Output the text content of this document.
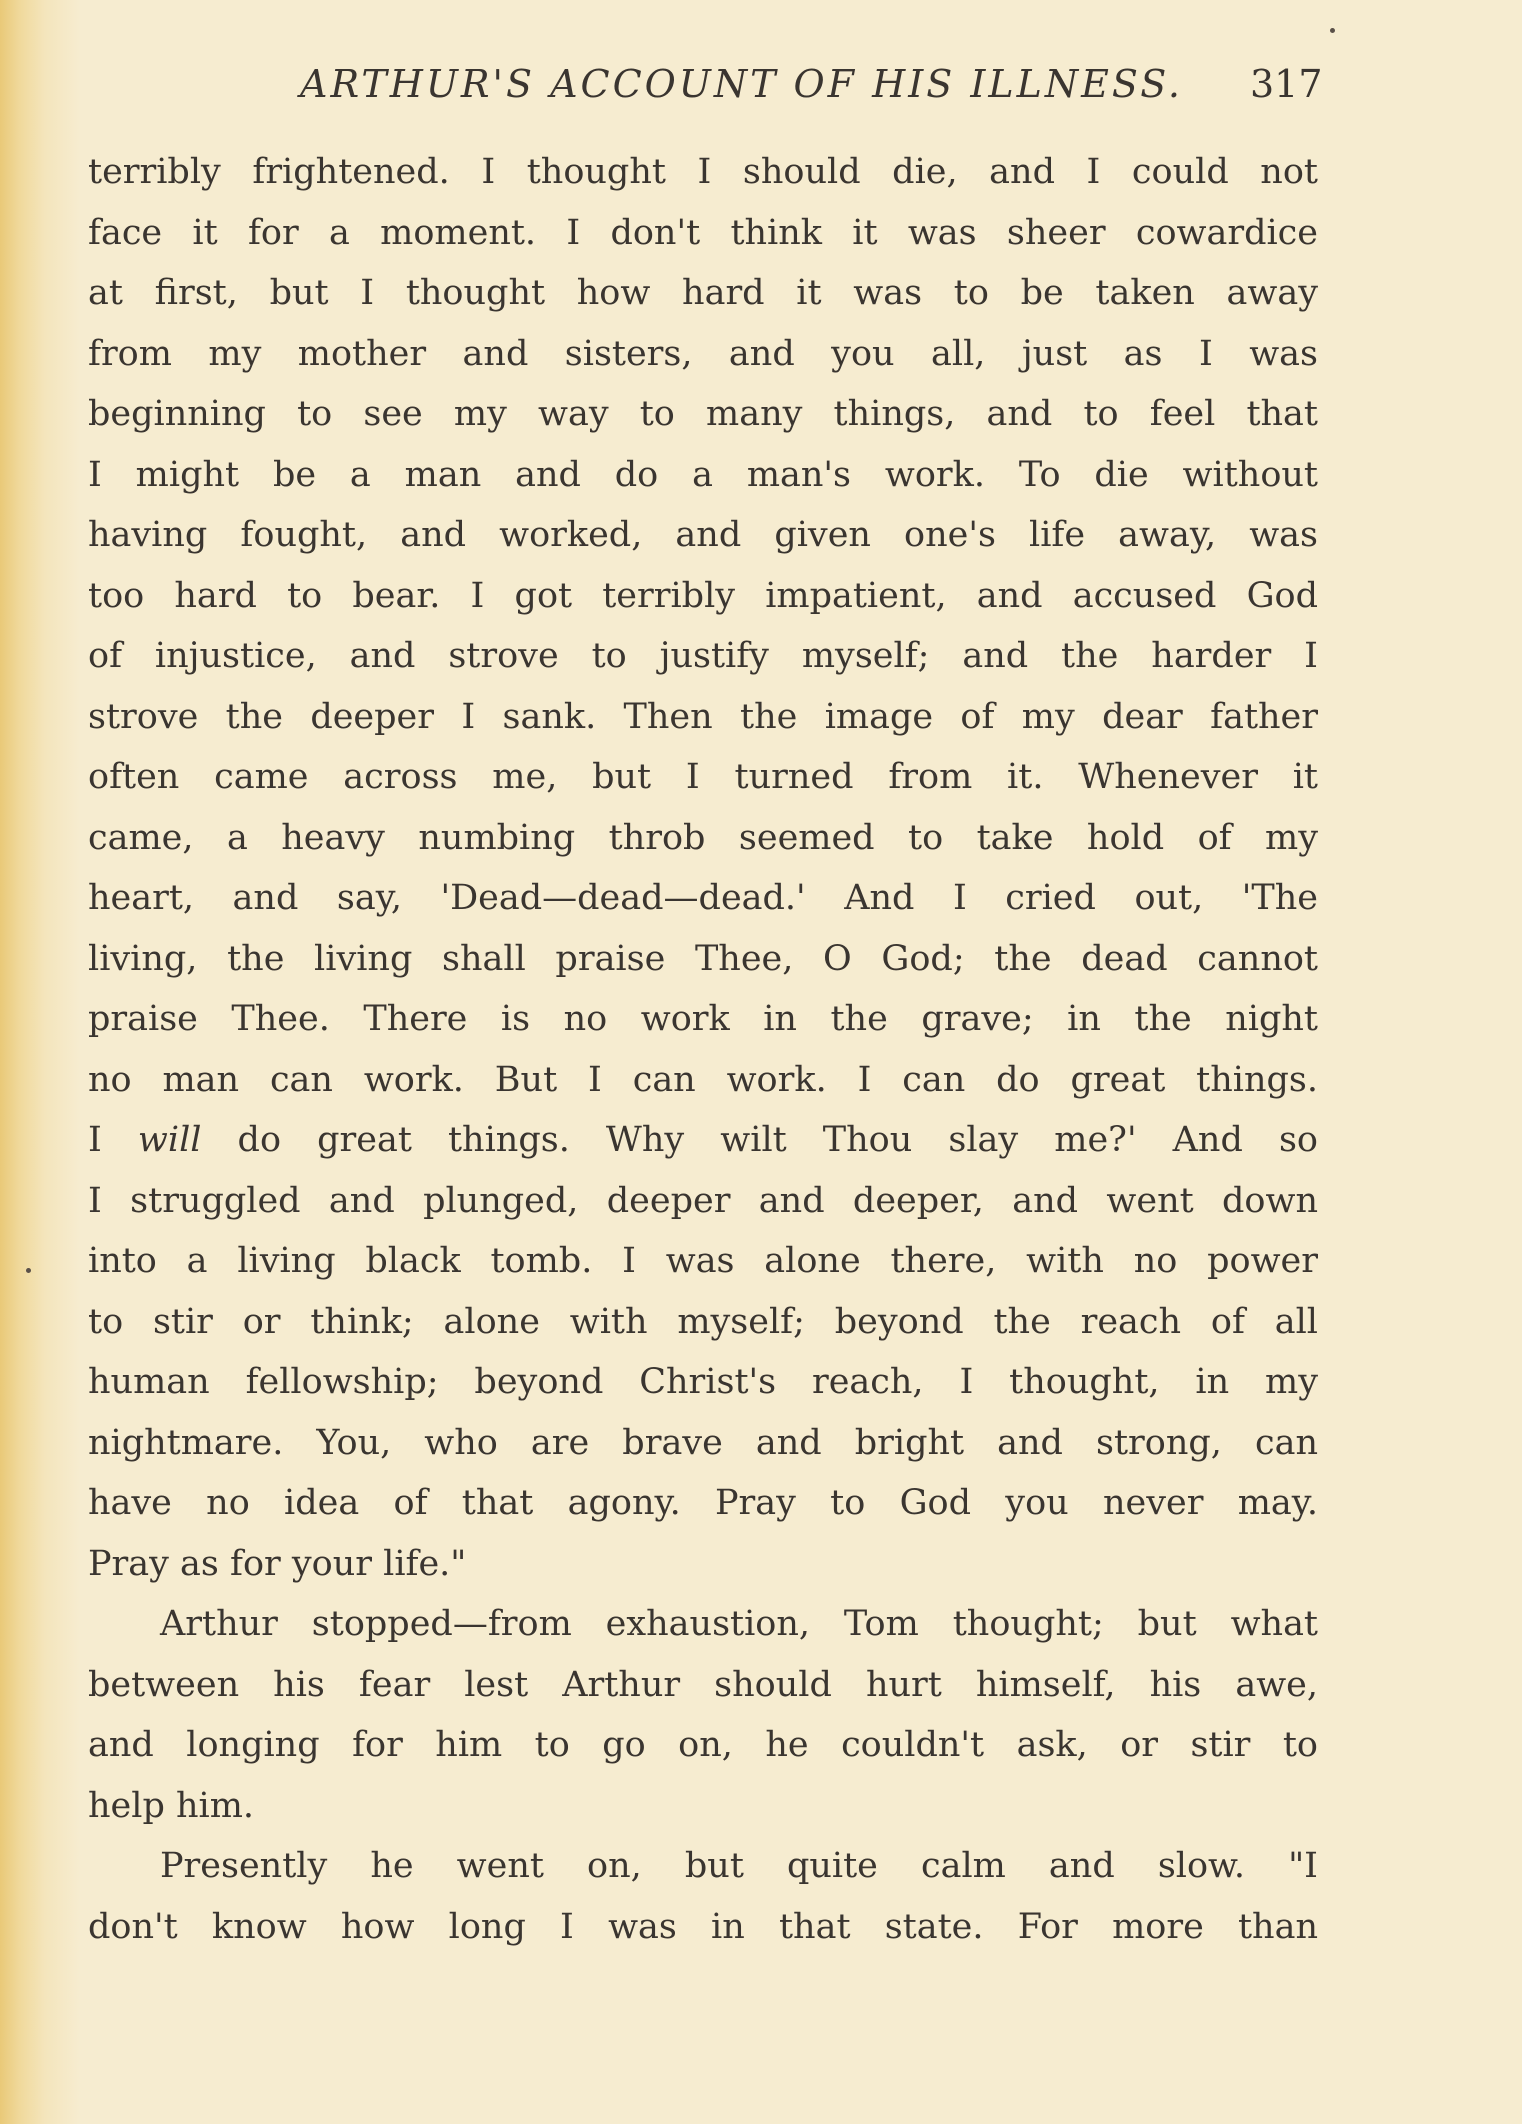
ARTHUR'S ACCOUNT OF HIS ILLNESS. 317
terribly frightened. I thought I should die, and I could not
face it for a moment. I don't think it was sheer cowardice
at first, but I thought how hard it was to be taken away
from my mother and sisters, and you all, just as I was
beginning to see my way to many things, and to feel that
I might be a man and do a man's work. To die without
having fought, and worked, and given one's life away, was
too hard to bear. I got terribly impatient, and accused God
of injustice, and strove to justify myself; and the harder I
strove the deeper I sank. Then the image of my dear father
often came across me, but I turned from it. Whenever it
came, a heavy numbing throb seemed to take hold of my
heart, and say, 'Dead—dead—dead.' And I cried out, 'The
living, the living shall praise Thee, O God; the dead cannot
praise Thee. There is no work in the grave; in the night
no man can work. But I can work. I can do great things.
I will do great things. Why wilt Thou slay me?' And so
I struggled and plunged, deeper and deeper, and went down
into a living black tomb. I was alone there, with no power
to stir or think; alone with myself; beyond the reach of all
human fellowship; beyond Christ's reach, I thought, in my
nightmare. You, who are brave and bright and strong, can
have no idea of that agony. Pray to God you never may.
Pray as for your life."
Arthur stopped—from exhaustion, Tom thought; but what
between his fear lest Arthur should hurt himself, his awe,
and longing for him to go on, he couldn't ask, or stir to
help him.
Presently he went on, but quite calm and slow. "I
don't know how long I was in that state. For more than
